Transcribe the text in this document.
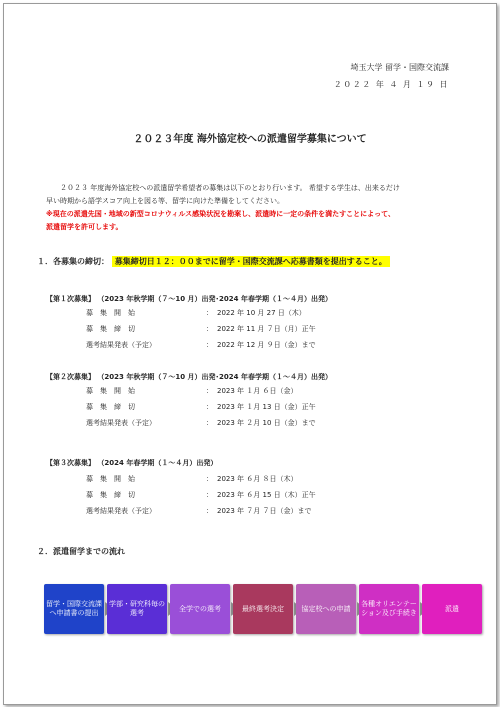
埼玉大学 留学・国際交流課
２０２２ 年 ４ 月 １９ 日
２０２３年度 海外協定校への派遣留学募集について

２０２３ 年度海外協定校への派遣留学希望者の募集は以下のとおり行います。 希望する学生は、出来るだけ

早い時期から語学スコア向上を図る等、留学に向けた準備をしてください。

※現在の派遣先国・地域の新型コロナウィルス感染状況を勘案し、派遣時に一定の条件を満たすことによって、

派遣留学を許可します。

１．各募集の締切： 募集締切日１２：００までに留学・国際交流課へ応募書類を提出すること。
【第１次募集】 （2023 年秋学期（７～10 月）出発･2024 年春学期（１～４月）出発）
募　集　開　始	： 2022 年 10 月 27 日（木）
募　集　締　切	： 2022 年 11 月 ７日（月）正午
選考結果発表（予定）	： 2022 年 12 月 ９日（金）まで
【第２次募集】 （2023 年秋学期（７～10 月）出発･2024 年春学期（１～４月）出発）
募　集　開　始	： 2023 年 １月 ６日（金）
募　集　締　切	： 2023 年 １月 13 日（金）正午
選考結果発表（予定）	： 2023 年 ２月 10 日（金）まで
【第３次募集】 （2024 年春学期（１～４月）出発）
募　集　開　始	： 2023 年 ６月 ８日（木）
募　集　締　切	： 2023 年 ６月 15 日（木）正午
選考結果発表（予定）	： 2023 年 ７月 ７日（金）まで
２．派遣留学までの流れ
留学・国際交流課へ申請書の提出
学部・研究科毎の選考
全学での選考	最終選考決定	協定校への申請
各種オリエンテーション及び手続き
派遣
